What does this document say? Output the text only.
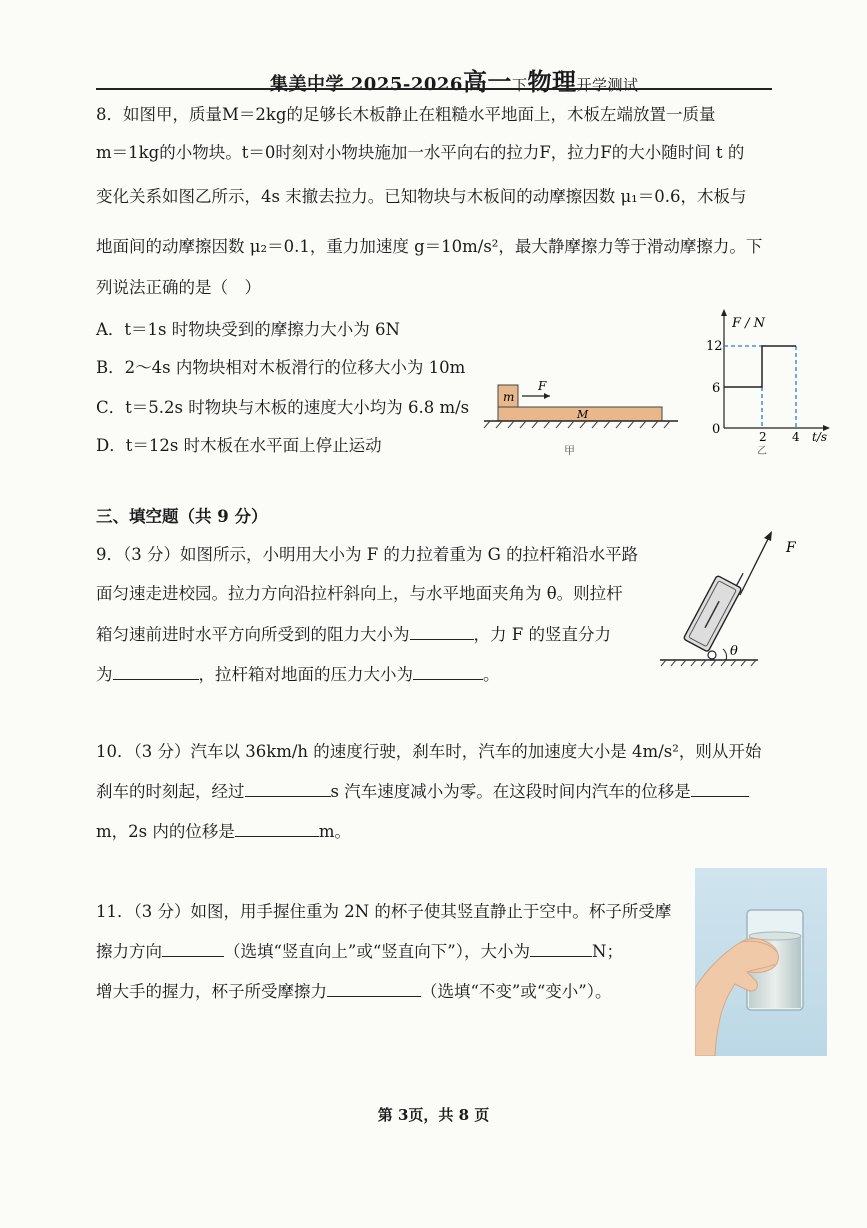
集美中学 2025-2026高一下物理开学测试
8．如图甲，质量M＝2kg的足够长木板静止在粗糙水平地面上，木板左端放置一质量
m＝1kg的小物块。t＝0时刻对小物块施加一水平向右的拉力F，拉力F的大小随时间 t 的
变化关系如图乙所示，4s 末撤去拉力。已知物块与木板间的动摩擦因数 μ₁＝0.6，木板与
地面间的动摩擦因数 μ₂＝0.1，重力加速度 g＝10m/s²，最大静摩擦力等于滑动摩擦力。下
列说法正确的是（　）
A．t＝1s 时物块受到的摩擦力大小为 6N
B．2～4s 内物块相对木板滑行的位移大小为 10m
C．t＝5.2s 时物块与木板的速度大小均为 6.8 m/s
D．t＝12s 时木板在水平面上停止运动
m
F
M
甲
F / N
t/s
12
6
0	2 4
乙
三、填空题（共 9 分）
9．（3 分）如图所示，小明用大小为 F 的力拉着重为 G 的拉杆箱沿水平路
面匀速走进校园。拉力方向沿拉杆斜向上，与水平地面夹角为 θ。则拉杆
箱匀速前进时水平方向所受到的阻力大小为	，力 F 的竖直分力
为	，拉杆箱对地面的压力大小为	。
F
θ
10．（3 分）汽车以 36km/h 的速度行驶，刹车时，汽车的加速度大小是 4m/s²，则从开始
刹车的时刻起，经过	s 汽车速度减小为零。在这段时间内汽车的位移是
m，2s 内的位移是	m。
11．（3 分）如图，用手握住重为 2N 的杯子使其竖直静止于空中。杯子所受摩
擦力方向	（选填“竖直向上”或“竖直向下”），大小为	N；
增大手的握力，杯子所受摩擦力	（选填“不变”或“变小”）。
第 3页，共 8 页
